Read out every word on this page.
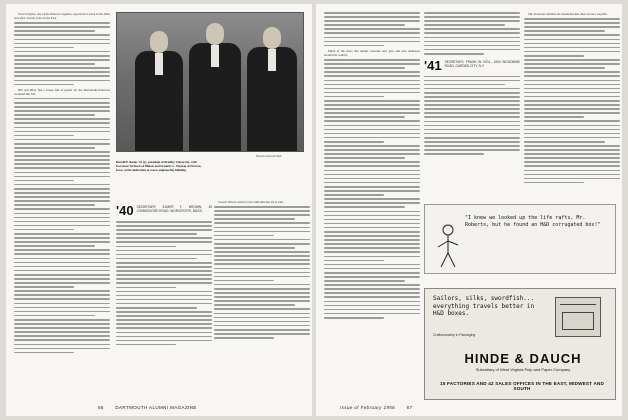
Tom Forsythe, one of the Hanover regulars, reports he is back in the Ohio area after several years in the East.

Bill and Mary had a house full of guests for the Dartmouth-Princeton weekend this fall.

Peoria Journal Star
Harold P. Rodes '41 (c), president of Bradley University, with Governor Stratton of Illinois and Frederic L. Maytag of Newton, Iowa, at the dedication of a new engineering building.
'40 SECRETARY, ELMER F. BROWN, 45 COMMODORE ROAD, WORCESTER, MASS.

Sweets Wilson writes from California that all is well.

66	DARTMOUTH ALUMNI MAGAZINE

Much of the news this month concerns new jobs and new addresses around the country.

'41 SECRETARY, FRANK W. KELL, 1600 WOODBINE ROAD, GARDEN CITY, N.Y.

The Treasurer reminds all classmates that dues are now payable.

"I knew we looked up the life rafts, Mr. Roberts, but he found an H&D corrugated box!"
Sailors, silks, swordfish... everything travels better in H&D boxes.
Craftsmanship in Packaging
HINDE & DAUCH
Subsidiary of West Virginia Pulp and Paper Company
15 FACTORIES AND 42 SALES OFFICES IN THE EAST, MIDWEST AND SOUTH
Issue of February 1956	67
